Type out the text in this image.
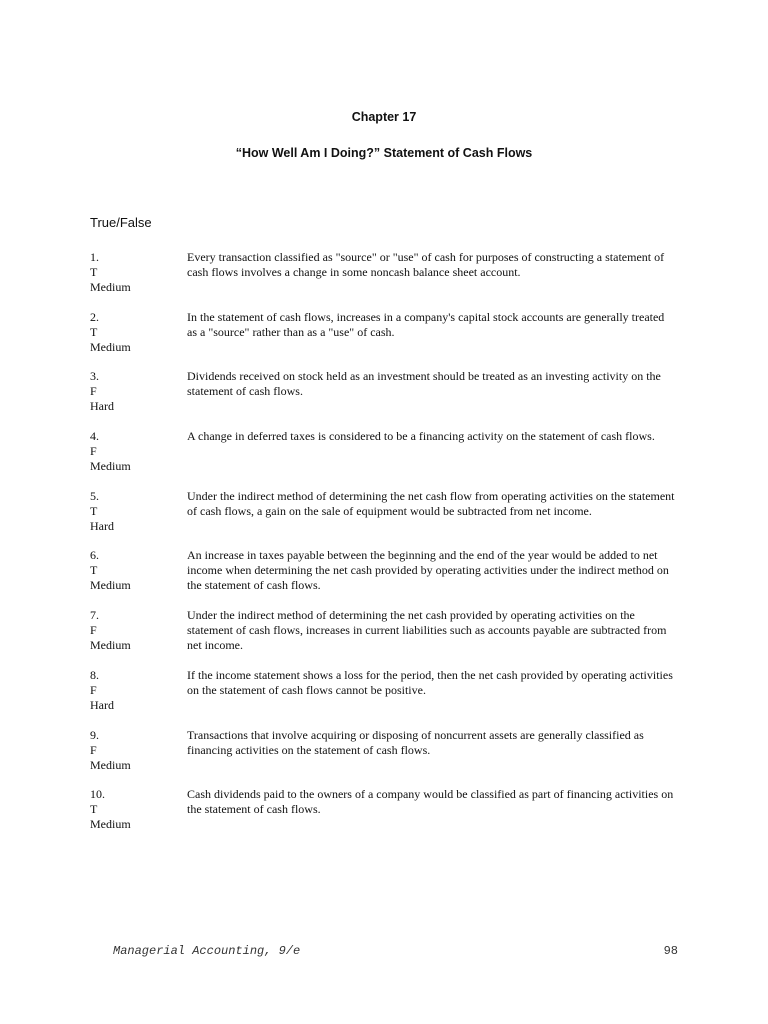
Chapter 17
“How Well Am I Doing?” Statement of Cash Flows
True/False
1.
T
Medium
Every transaction classified as "source" or "use" of cash for purposes of constructing a statement of cash flows involves a change in some noncash balance sheet account.
2.
T
Medium
In the statement of cash flows, increases in a company's capital stock accounts are generally treated as a "source" rather than as a "use" of cash.
3.
F
Hard
Dividends received on stock held as an investment should be treated as an investing activity on the statement of cash flows.
4.
F
Medium
A change in deferred taxes is considered to be a financing activity on the statement of cash flows.
5.
T
Hard
Under the indirect method of determining the net cash flow from operating activities on the statement of cash flows, a gain on the sale of equipment would be subtracted from net income.
6.
T
Medium
An increase in taxes payable between the beginning and the end of the year would be added to net income when determining the net cash provided by operating activities under the indirect method on the statement of cash flows.
7.
F
Medium
Under the indirect method of determining the net cash provided by operating activities on the statement of cash flows, increases in current liabilities such as accounts payable are subtracted from net income.
8.
F
Hard
If the income statement shows a loss for the period, then the net cash provided by operating activities on the statement of cash flows cannot be positive.
9.
F
Medium
Transactions that involve acquiring or disposing of noncurrent assets are generally classified as financing activities on the statement of cash flows.
10.
T
Medium
Cash dividends paid to the owners of a company would be classified as part of financing activities on the statement of cash flows.
Managerial Accounting, 9/e	98
